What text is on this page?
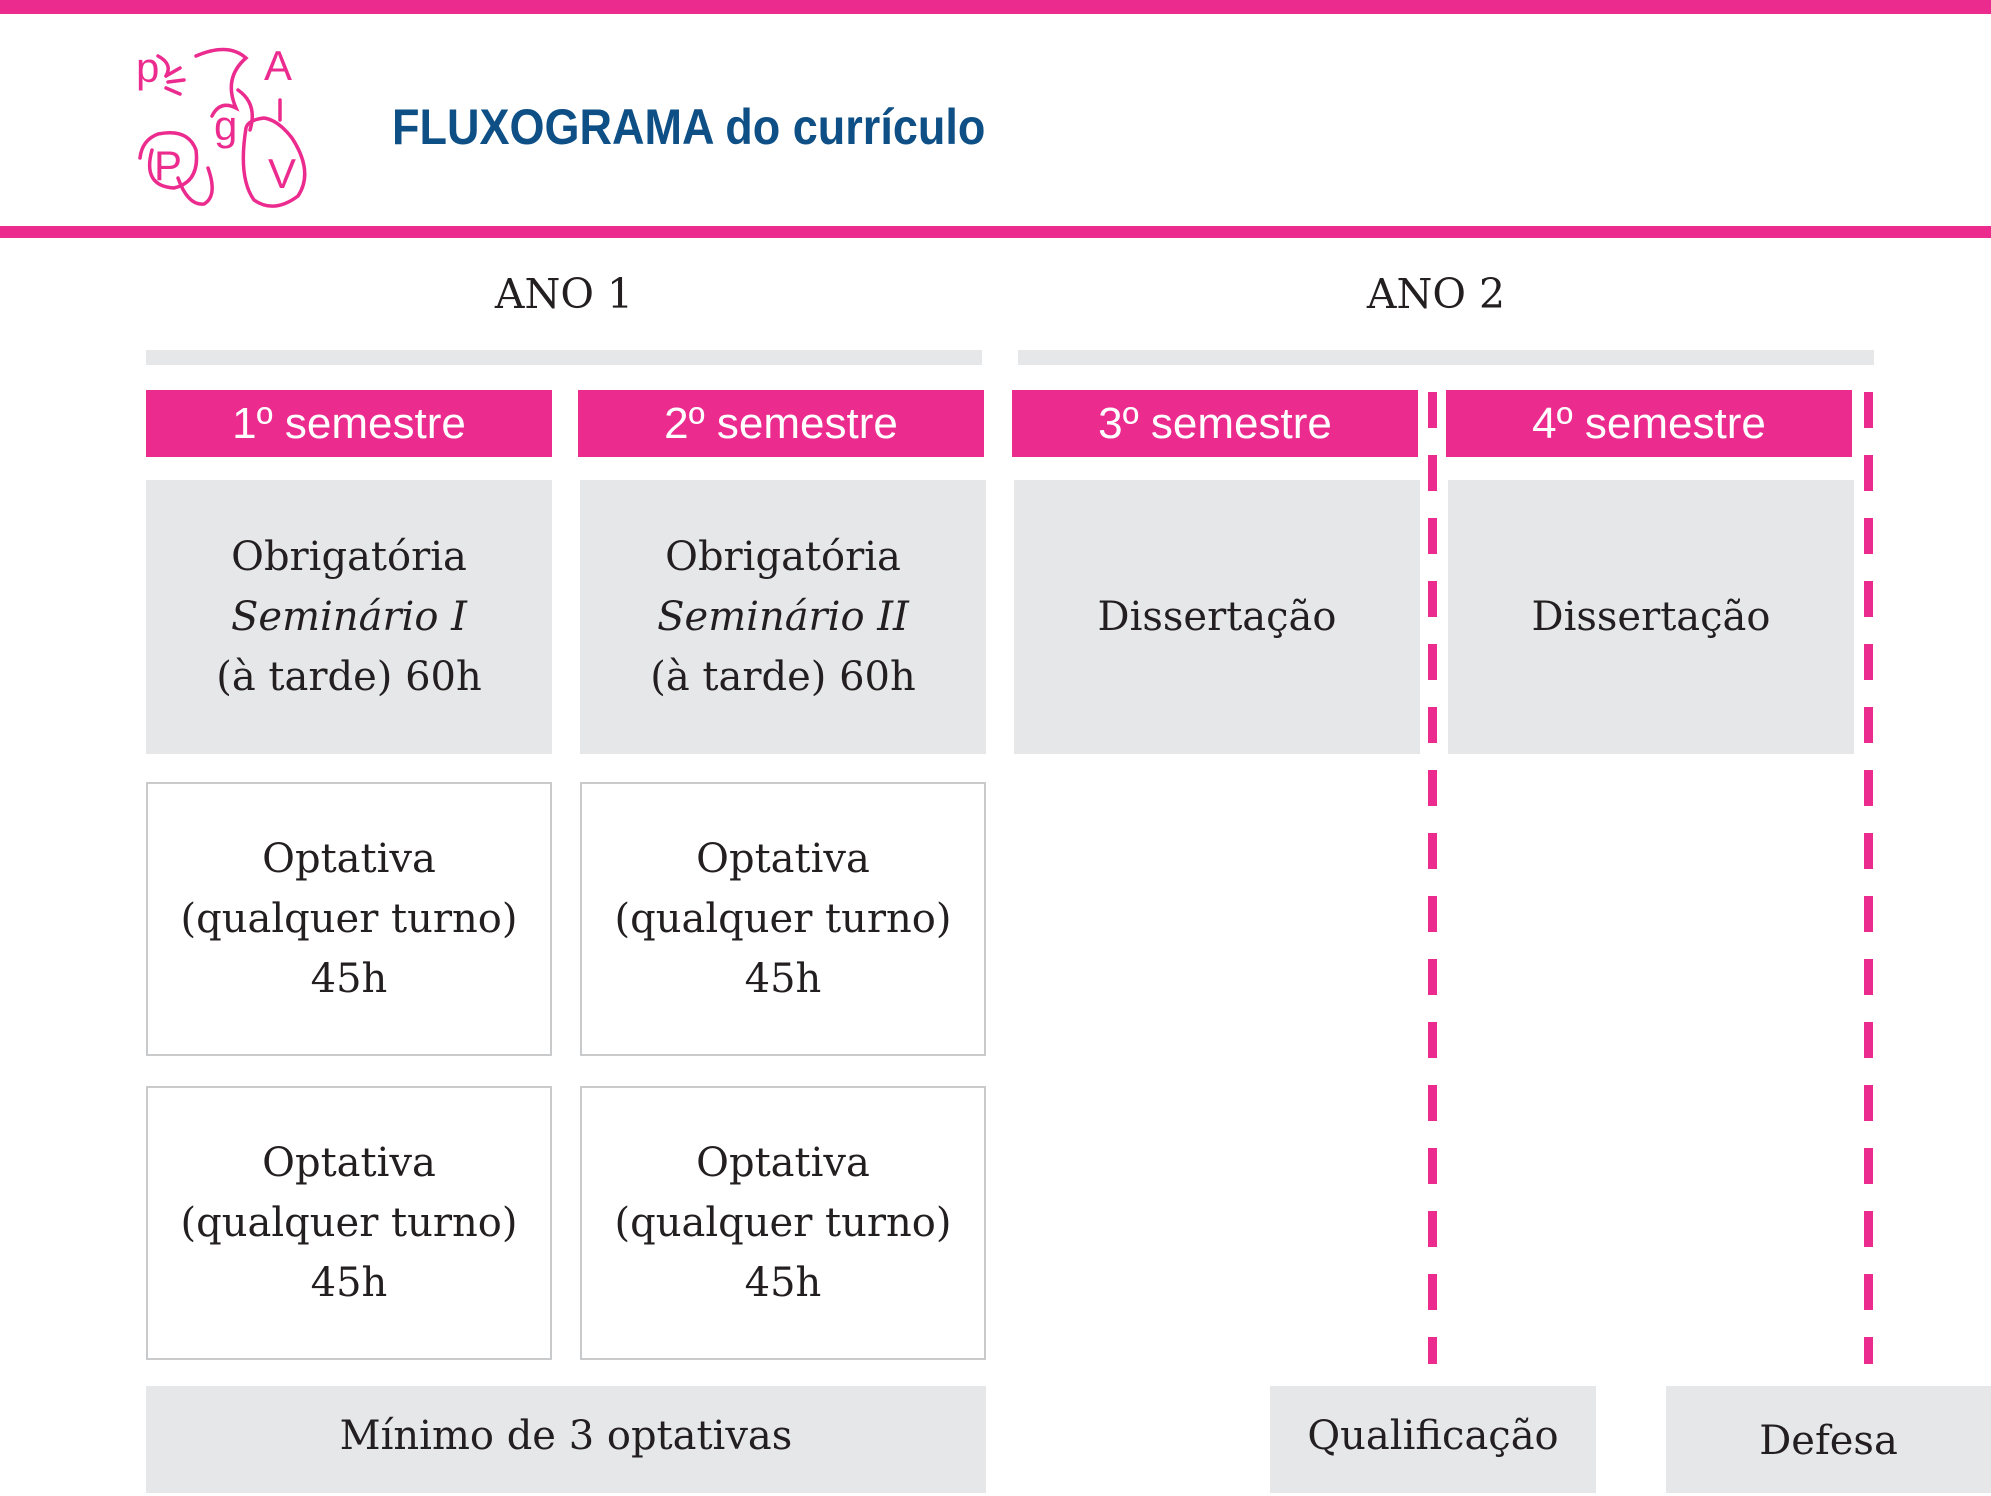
p A
P
g
V
FLUXOGRAMA do currículo
ANO 1	ANO 2
1º semestre	2º semestre	3º semestre	4º semestre
Obrigatória
Seminário I
(à tarde) 60h
Obrigatória
Seminário II
(à tarde) 60h
Dissertação	Dissertação
Optativa
(qualquer turno)
45h
Optativa
(qualquer turno)
45h
Optativa
(qualquer turno)
45h
Optativa
(qualquer turno)
45h
Mínimo de 3 optativas	Qualificação	Defesa
